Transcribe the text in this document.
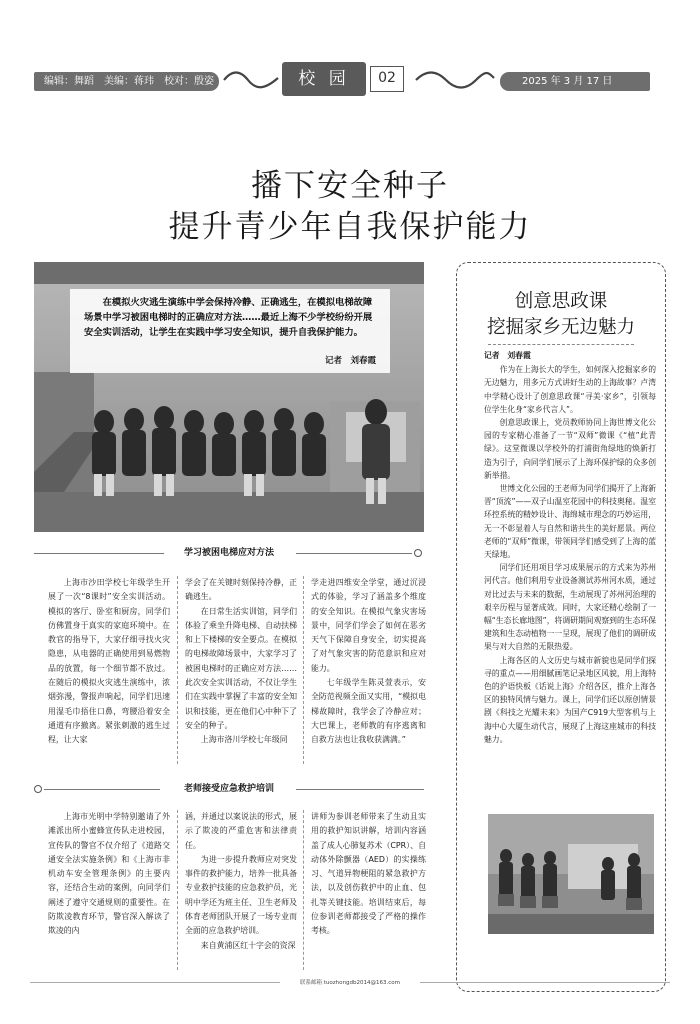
编辑：舞蹈　美编：蒋玮　校对：殷姿	校 园	02	2025 年 3 月 17 日
播下安全种子
提升青少年自我保护能力
在模拟火灾逃生演练中学会保持冷静、正确逃生，在模拟电梯故障场景中学习被困电梯时的正确应对方法……最近上海不少学校纷纷开展安全实训活动，让学生在实践中学习安全知识，提升自我保护能力。
记者　刘春霞
创意思政课
挖掘家乡无边魅力

记者　刘春霞

作为在上海长大的学生，如何深入挖掘家乡的无边魅力，用多元方式讲好生动的上海故事？卢湾中学精心设计了创意思政课“寻美·家乡”，引领每位学生化身“家乡代言人”。

创意思政课上，党员教师协同上海世博文化公园的专家精心准备了一节“双师”微课《“植”此青绿》。这堂微课以学校外的打浦街角绿地的焕新打造为引子，向同学们展示了上海环保护绿的众多创新举措。

世博文化公园的王老师为同学们揭开了上海新晋“顶流”——双子山温室花园中的科技奥秘。温室环控系统的精妙设计、海绵城市理念的巧妙运用，无一不彰显着人与自然和谐共生的美好愿景。两位老师的“双师”微课，带领同学们感受到了上海的蓝天绿地。

同学们还用项目学习成果展示的方式来为苏州河代言。他们利用专业设备测试苏州河水质，通过对比过去与未来的数据，生动展现了苏州河治理的艰辛历程与显著成效。同时，大家还精心绘制了一幅“生态长廊地图”，将调研期间观察到的生态环保建筑和生态动植物一一呈现，展现了他们的调研成果与对大自然的无限热爱。

上海各区的人文历史与城市新貌也是同学们探寻的重点——用细腻画笔记录地区风貌，用上海特色的沪语快板《话说上海》介绍各区，推介上海各区的独特风情与魅力。课上，同学们还以原创情景剧《科技之光耀未来》为国产C919大型客机与上海中心大厦生动代言，展现了上海这座城市的科技魅力。

学习被困电梯应对方法

上海市沙田学校七年级学生开展了一次“8课时”安全实训活动。模拟的客厅、卧室和厨房，同学们仿佛置身于真实的家庭环境中。在教官的指导下，大家仔细寻找火灾隐患，从电器的正确使用到易燃物品的放置，每一个细节都不放过。在随后的模拟火灾逃生演练中，浓烟弥漫，警报声响起，同学们迅速用湿毛巾捂住口鼻，弯腰沿着安全通道有序撤离。紧张刺激的逃生过程，让大家

学会了在关键时刻保持冷静，正确逃生。

在日常生活实训馆，同学们体验了乘坐升降电梯、自动扶梯和上下楼梯的安全要点。在模拟的电梯故障场景中，大家学习了被困电梯时的正确应对方法……此次安全实训活动，不仅让学生们在实践中掌握了丰富的安全知识和技能，更在他们心中种下了安全的种子。

上海市洛川学校七年级同

学走进四维安全学堂，通过沉浸式的体验，学习了涵盖多个维度的安全知识。在模拟气象灾害场景中，同学们学会了如何在恶劣天气下保障自身安全，切实提高了对气象灾害的防范意识和应对能力。

七年级学生陈灵萱表示，安全防范视频全面又实用，“模拟电梯故障时，我学会了冷静应对；大巴课上，老师教的有序逃离和自救方法也让我收获满满。”

老师接受应急救护培训

上海市光明中学特别邀请了外滩派出所小蜜蜂宣传队走进校园，宣传队的警官不仅介绍了《道路交通安全法实施条例》和《上海市非机动车安全管理条例》的主要内容，还结合生动的案例，向同学们阐述了遵守交通规则的重要性。在防欺凌教育环节，警官深入解读了欺凌的内

涵，并通过以案说法的形式，展示了欺凌的严重危害和法律责任。

为进一步提升教师应对突发事件的救护能力，培养一批具备专业救护技能的应急救护员，光明中学还为班主任、卫生老师及体育老师团队开展了一场专业而全面的应急救护培训。

来自黄浦区红十字会的资深

讲师为参训老师带来了生动且实用的救护知识讲解，培训内容涵盖了成人心肺复苏术（CPR）、自动体外除颤器（AED）的实操练习、气道异物梗阻的紧急救护方法，以及创伤救护中的止血、包扎等关键技能。培训结束后，每位参训老师都接受了严格的操作考核。

联系邮箱 tuozhongdb2014@163.com
